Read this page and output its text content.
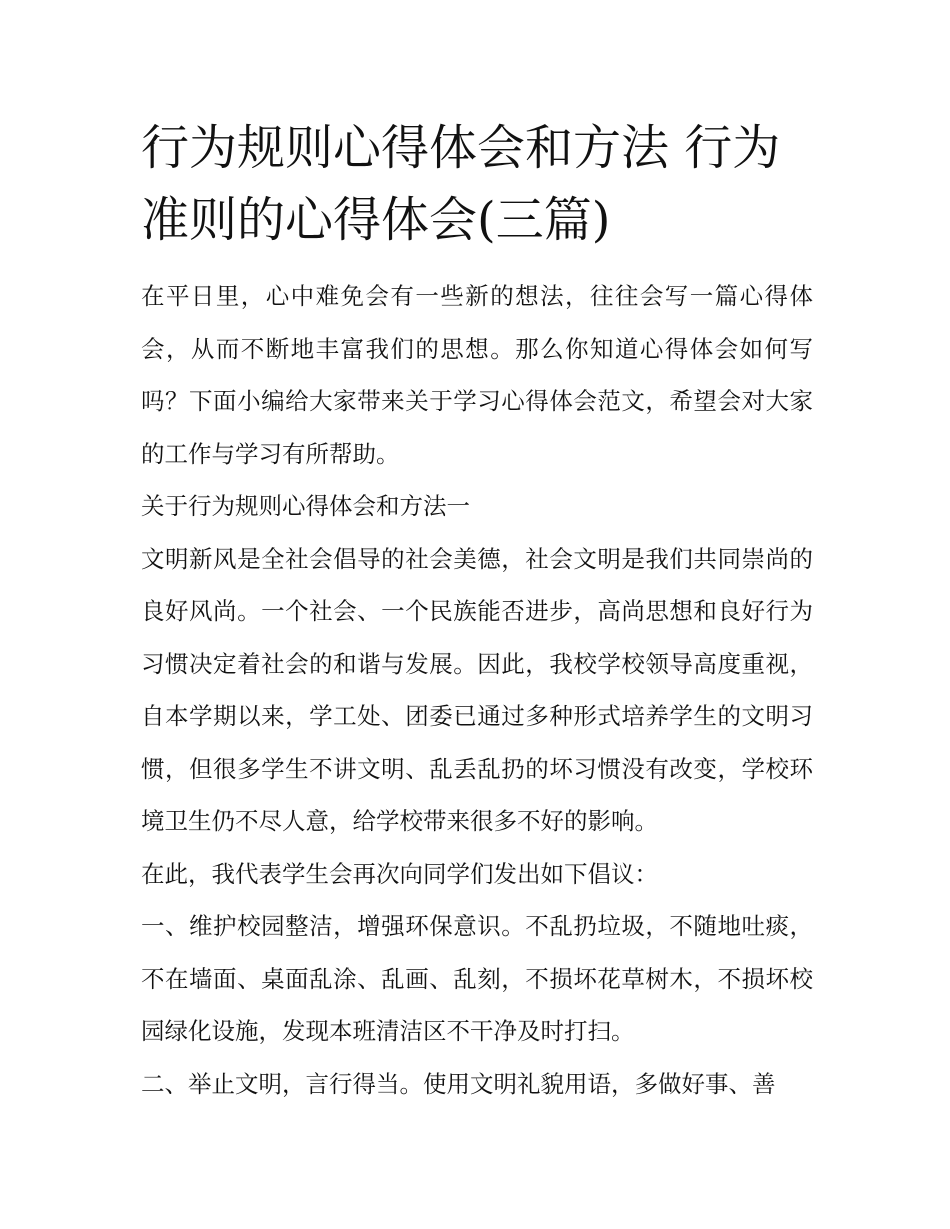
行为规则心得体会和方法 行为准则的心得体会(三篇)

在平日里，心中难免会有一些新的想法，往往会写一篇心得体会，从而不断地丰富我们的思想。那么你知道心得体会如何写吗？下面小编给大家带来关于学习心得体会范文，希望会对大家的工作与学习有所帮助。

关于行为规则心得体会和方法一

文明新风是全社会倡导的社会美德，社会文明是我们共同崇尚的良好风尚。一个社会、一个民族能否进步，高尚思想和良好行为习惯决定着社会的和谐与发展。因此，我校学校领导高度重视，自本学期以来，学工处、团委已通过多种形式培养学生的文明习惯，但很多学生不讲文明、乱丢乱扔的坏习惯没有改变，学校环境卫生仍不尽人意，给学校带来很多不好的影响。

在此，我代表学生会再次向同学们发出如下倡议：

一、维护校园整洁，增强环保意识。不乱扔垃圾，不随地吐痰，不在墙面、桌面乱涂、乱画、乱刻，不损坏花草树木，不损坏校园绿化设施，发现本班清洁区不干净及时打扫。

二、举止文明，言行得当。使用文明礼貌用语，多做好事、善
